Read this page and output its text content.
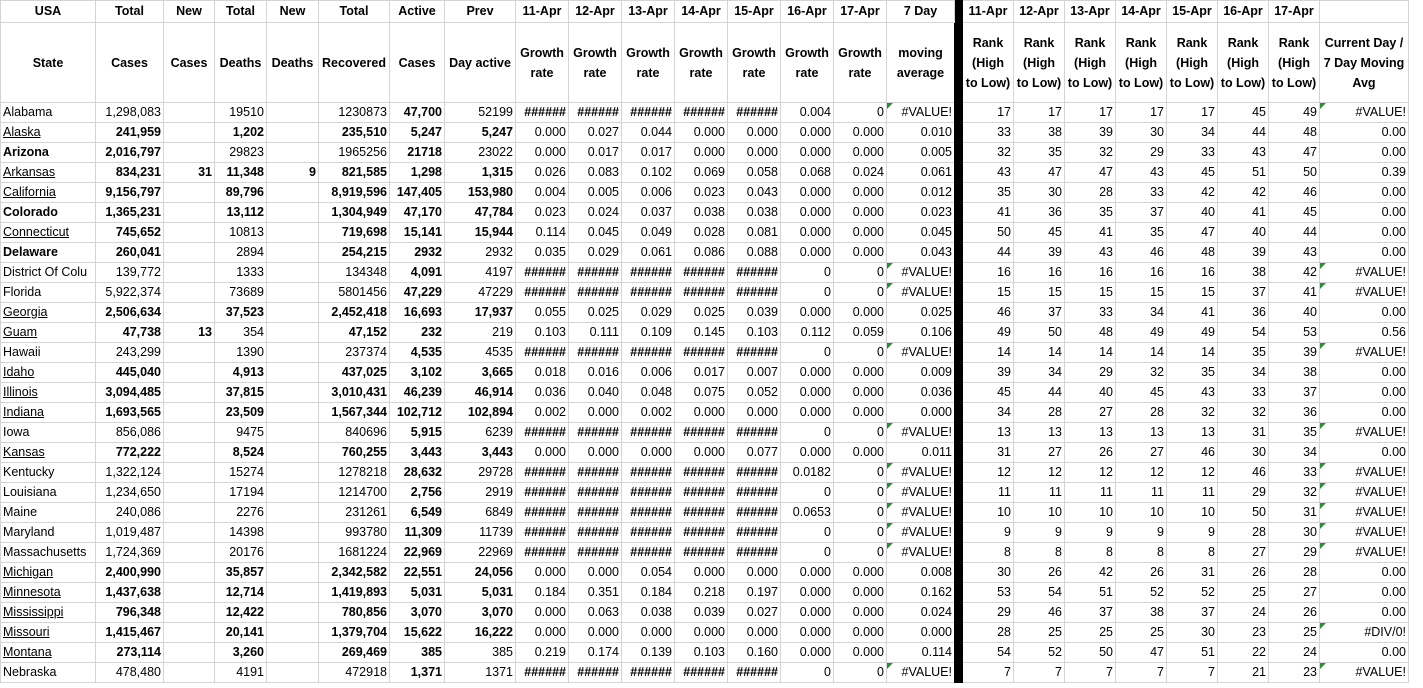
USA	Total	New	Total	New	Total	Active	Prev	11-Apr	12-Apr	13-Apr	14-Apr	15-Apr	16-Apr	17-Apr	7 Day		11-Apr	12-Apr	13-Apr	14-Apr	15-Apr	16-Apr	17-Apr	
State	Cases	Cases	Deaths	Deaths	Recovered	Cases	Day active	Growth rate	Growth rate	Growth rate	Growth rate	Growth rate	Growth rate	Growth rate	moving average		Rank (High to Low)	Rank (High to Low)	Rank (High to Low)	Rank (High to Low)	Rank (High to Low)	Rank (High to Low)	Rank (High to Low)	Current Day / 7 Day Moving Avg
Alabama	1,298,083		19510		1230873	47,700	52199	######	######	######	######	######	0.004	0	#VALUE!		17	17	17	17	17	45	49	#VALUE!
Alaska	241,959		1,202		235,510	5,247	5,247	0.000	0.027	0.044	0.000	0.000	0.000	0.000	0.010		33	38	39	30	34	44	48	0.00
Arizona	2,016,797		29823		1965256	21718	23022	0.000	0.017	0.017	0.000	0.000	0.000	0.000	0.005		32	35	32	29	33	43	47	0.00
Arkansas	834,231	31	11,348	9	821,585	1,298	1,315	0.026	0.083	0.102	0.069	0.058	0.068	0.024	0.061		43	47	47	43	45	51	50	0.39
California	9,156,797		89,796		8,919,596	147,405	153,980	0.004	0.005	0.006	0.023	0.043	0.000	0.000	0.012		35	30	28	33	42	42	46	0.00
Colorado	1,365,231		13,112		1,304,949	47,170	47,784	0.023	0.024	0.037	0.038	0.038	0.000	0.000	0.023		41	36	35	37	40	41	45	0.00
Connecticut	745,652		10813		719,698	15,141	15,944	0.114	0.045	0.049	0.028	0.081	0.000	0.000	0.045		50	45	41	35	47	40	44	0.00
Delaware	260,041		2894		254,215	2932	2932	0.035	0.029	0.061	0.086	0.088	0.000	0.000	0.043		44	39	43	46	48	39	43	0.00
District Of Colu	139,772		1333		134348	4,091	4197	######	######	######	######	######	0	0	#VALUE!		16	16	16	16	16	38	42	#VALUE!
Florida	5,922,374		73689		5801456	47,229	47229	######	######	######	######	######	0	0	#VALUE!		15	15	15	15	15	37	41	#VALUE!
Georgia	2,506,634		37,523		2,452,418	16,693	17,937	0.055	0.025	0.029	0.025	0.039	0.000	0.000	0.025		46	37	33	34	41	36	40	0.00
Guam	47,738	13	354		47,152	232	219	0.103	0.111	0.109	0.145	0.103	0.112	0.059	0.106		49	50	48	49	49	54	53	0.56
Hawaii	243,299		1390		237374	4,535	4535	######	######	######	######	######	0	0	#VALUE!		14	14	14	14	14	35	39	#VALUE!
Idaho	445,040		4,913		437,025	3,102	3,665	0.018	0.016	0.006	0.017	0.007	0.000	0.000	0.009		39	34	29	32	35	34	38	0.00
Illinois	3,094,485		37,815		3,010,431	46,239	46,914	0.036	0.040	0.048	0.075	0.052	0.000	0.000	0.036		45	44	40	45	43	33	37	0.00
Indiana	1,693,565		23,509		1,567,344	102,712	102,894	0.002	0.000	0.002	0.000	0.000	0.000	0.000	0.000		34	28	27	28	32	32	36	0.00
Iowa	856,086		9475		840696	5,915	6239	######	######	######	######	######	0	0	#VALUE!		13	13	13	13	13	31	35	#VALUE!
Kansas	772,222		8,524		760,255	3,443	3,443	0.000	0.000	0.000	0.000	0.077	0.000	0.000	0.011		31	27	26	27	46	30	34	0.00
Kentucky	1,322,124		15274		1278218	28,632	29728	######	######	######	######	######	0.0182	0	#VALUE!		12	12	12	12	12	46	33	#VALUE!
Louisiana	1,234,650		17194		1214700	2,756	2919	######	######	######	######	######	0	0	#VALUE!		11	11	11	11	11	29	32	#VALUE!
Maine	240,086		2276		231261	6,549	6849	######	######	######	######	######	0.0653	0	#VALUE!		10	10	10	10	10	50	31	#VALUE!
Maryland	1,019,487		14398		993780	11,309	11739	######	######	######	######	######	0	0	#VALUE!		9	9	9	9	9	28	30	#VALUE!
Massachusetts	1,724,369		20176		1681224	22,969	22969	######	######	######	######	######	0	0	#VALUE!		8	8	8	8	8	27	29	#VALUE!
Michigan	2,400,990		35,857		2,342,582	22,551	24,056	0.000	0.000	0.054	0.000	0.000	0.000	0.000	0.008		30	26	42	26	31	26	28	0.00
Minnesota	1,437,638		12,714		1,419,893	5,031	5,031	0.184	0.351	0.184	0.218	0.197	0.000	0.000	0.162		53	54	51	52	52	25	27	0.00
Mississippi	796,348		12,422		780,856	3,070	3,070	0.000	0.063	0.038	0.039	0.027	0.000	0.000	0.024		29	46	37	38	37	24	26	0.00
Missouri	1,415,467		20,141		1,379,704	15,622	16,222	0.000	0.000	0.000	0.000	0.000	0.000	0.000	0.000		28	25	25	25	30	23	25	#DIV/0!
Montana	273,114		3,260		269,469	385	385	0.219	0.174	0.139	0.103	0.160	0.000	0.000	0.114		54	52	50	47	51	22	24	0.00
Nebraska	478,480		4191		472918	1,371	1371	######	######	######	######	######	0	0	#VALUE!		7	7	7	7	7	21	23	#VALUE!
